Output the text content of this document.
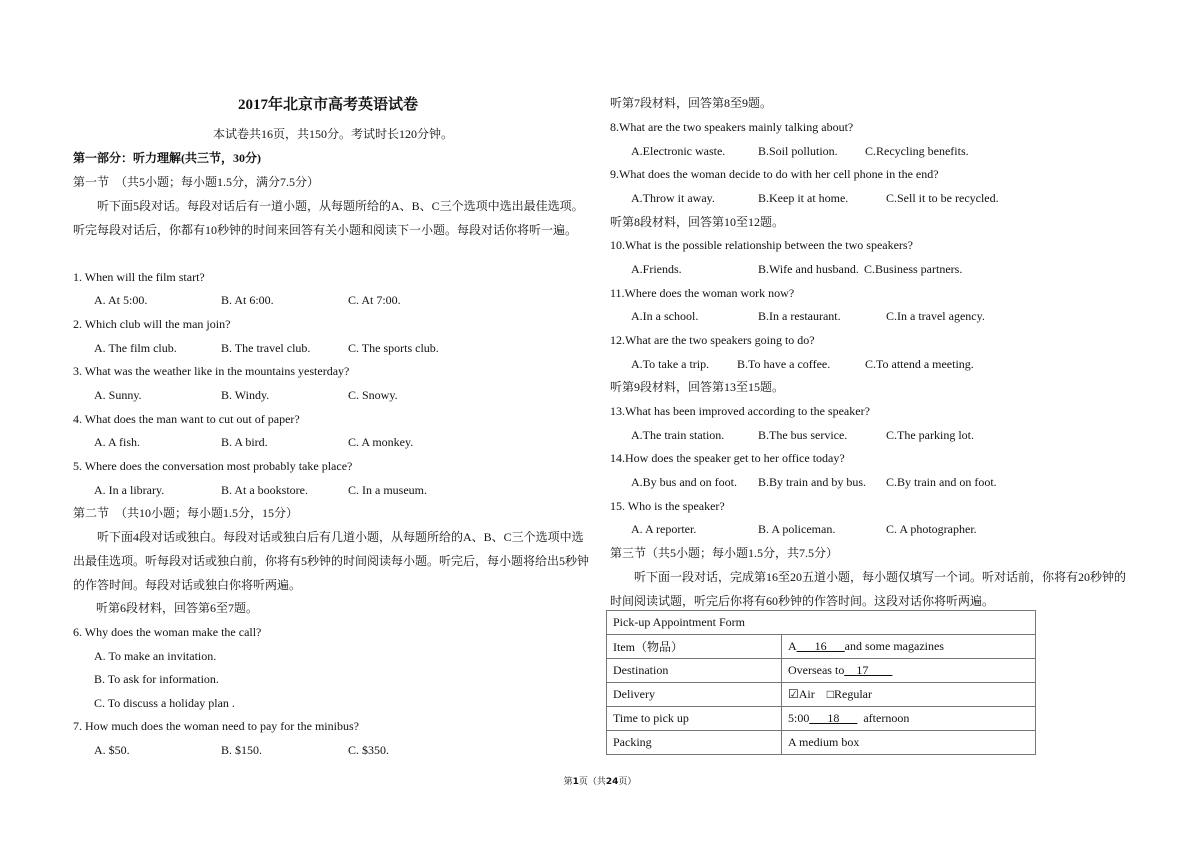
2017年北京市高考英语试卷
本试卷共16页，共150分。考试时长120分钟。
第一部分：听力理解(共三节，30分)
第一节　（共5小题；每小题1.5分，满分7.5分）
听下面5段对话。每段对话后有一道小题，从每题所给的A、B、C三个选项中选出最佳选项。听完每段对话后，你都有10秒钟的时间来回答有关小题和阅读下一小题。每段对话你将听一遍。
1. When will the film start?
A. At 5:00.	B. At 6:00.	C. At 7:00.
2. Which club will the man join?
A. The film club.	B. The travel club.	C. The sports club.
3. What was the weather like in the mountains yesterday?
A. Sunny.	B. Windy.	C. Snowy.
4. What does the man want to cut out of paper?
A. A fish.	B. A bird.	C. A monkey.
5. Where does the conversation most probably take place?
A. In a library.	B. At a bookstore.	C. In a museum.
第二节　（共10小题；每小题1.5分，15分）
听下面4段对话或独白。每段对话或独白后有几道小题，从每题所给的A、B、C三个选项中选出最佳选项。听每段对话或独白前，你将有5秒钟的时间阅读每小题。听完后，每小题将给出5秒钟的作答时间。每段对话或独白你将听两遍。
听第6段材料，回答第6至7题。
6. Why does the woman make the call?
A. To make an invitation.
B. To ask for information.
C. To discuss a holiday plan .
7. How much does the woman need to pay for the minibus?
A. $50.	B. $150.	C. $350.
听第7段材料，回答第8至9题。
8.What are the two speakers mainly talking about?
A.Electronic waste.	B.Soil pollution. C.Recycling benefits.
9.What does the woman decide to do with her cell phone in the end?
A.Throw it away.	B.Keep it at home.	C.Sell it to be recycled.
听第8段材料，回答第10至12题。
10.What is the possible relationship between the two speakers?
A.Friends.	B.Wife and husband. C.Business partners.
11.Where does the woman work now?
A.In a school.	B.In a restaurant.	C.In a travel agency.
12.What are the two speakers going to do?
A.To take a trip. B.To have a coffee.	C.To attend a meeting.
听第9段材料，回答第13至15题。
13.What has been improved according to the speaker?
A.The train station.	B.The bus service.	C.The parking lot.
14.How does the speaker get to her office today?
A.By bus and on foot. B.By train and by bus. C.By train and on foot.
15. Who is the speaker?
A. A reporter.	B. A policeman.	C. A photographer.
第三节（共5小题；每小题1.5分，共7.5分）
听下面一段对话，完成第16至20五道小题，每小题仅填写一个词。听对话前，你将有20秒钟的时间阅读试题，听完后你将有60秒钟的作答时间。这段对话你将听两遍。
Pick-up Appointment Form	
Item（物品）	A___16___and some magazines
Destination	Overseas to__17____
Delivery	☑Air □Regular
Time to pick up	5:00___18___ afternoon
Packing	A medium box
第1页（共24页）
